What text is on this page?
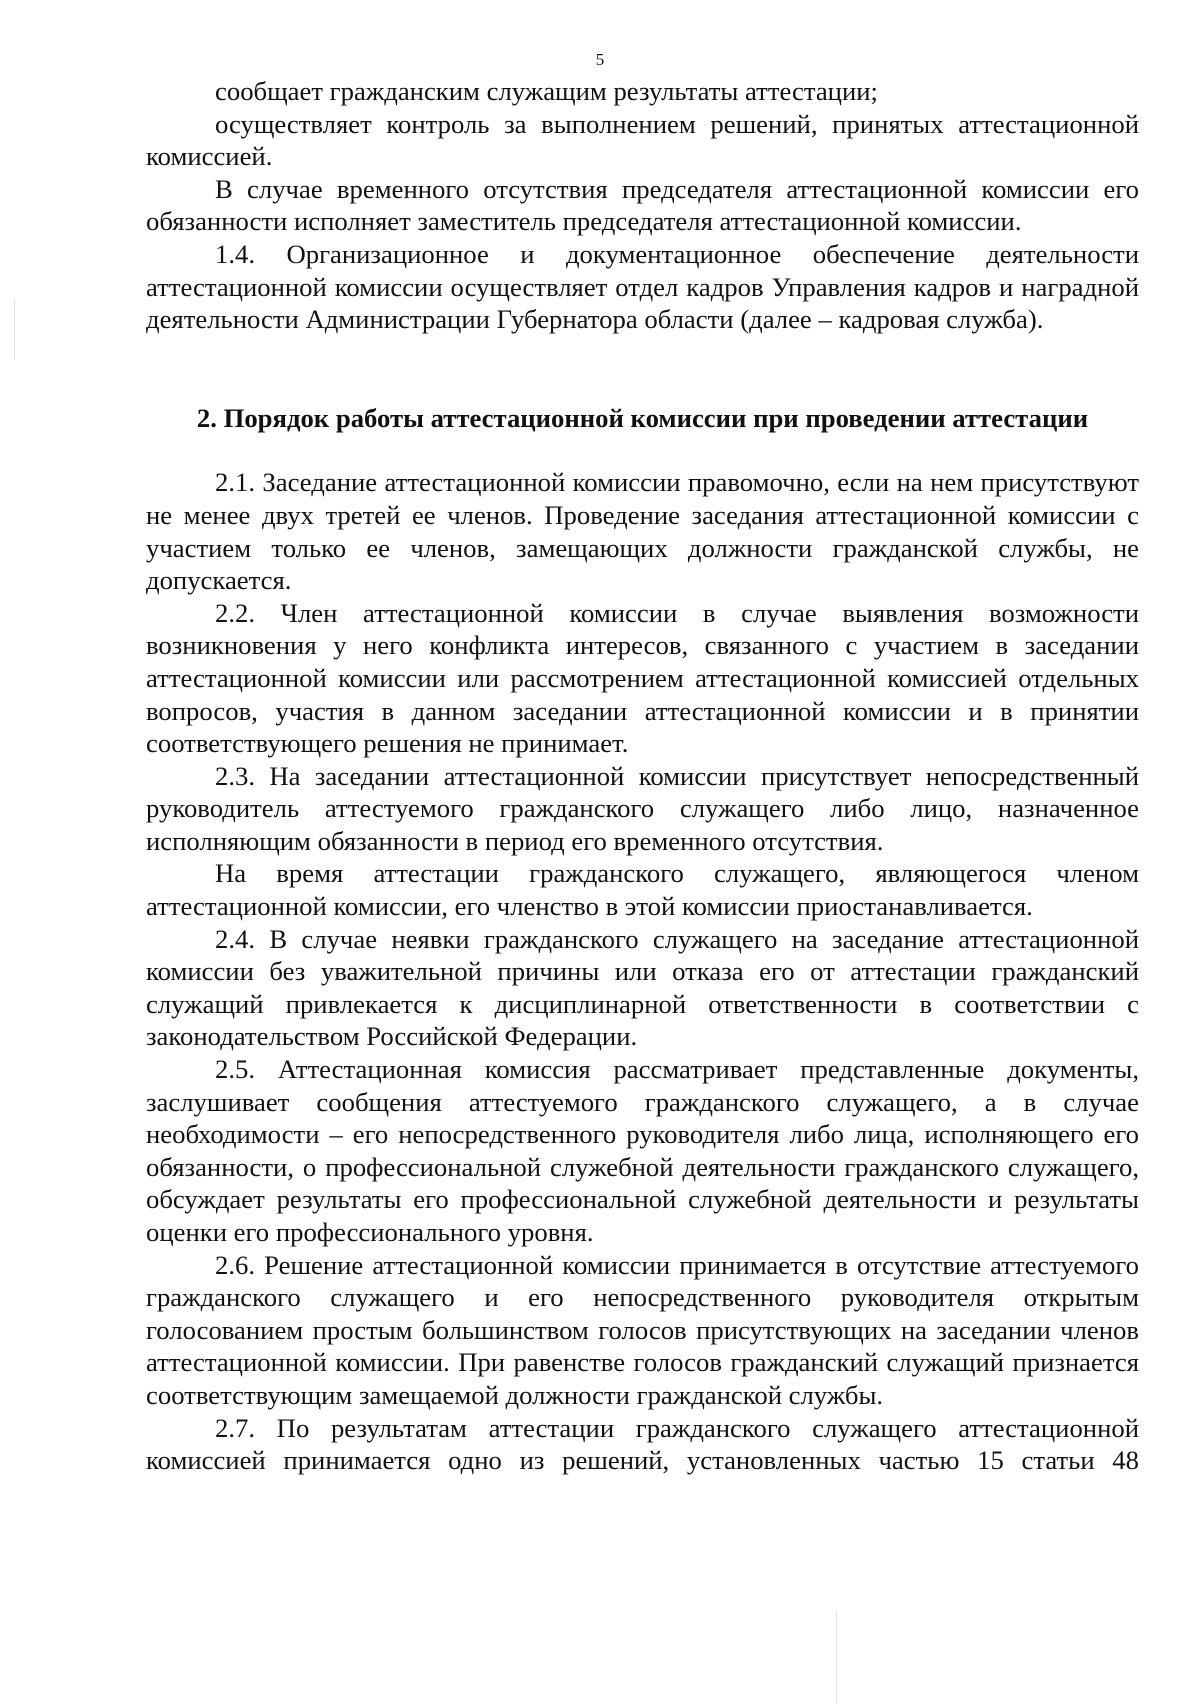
5

сообщает гражданским служащим результаты аттестации;

осуществляет контроль за выполнением решений, принятых аттестационной комиссией.

В случае временного отсутствия председателя аттестационной комиссии его обязанности исполняет заместитель председателя аттестационной комиссии.

1.4. Организационное и документационное обеспечение деятельности аттестационной комиссии осуществляет отдел кадров Управления кадров и наградной деятельности Администрации Губернатора области (далее – кадровая служба).

2. Порядок работы аттестационной комиссии при проведении аттестации

2.1. Заседание аттестационной комиссии правомочно, если на нем присутствуют не менее двух третей ее членов. Проведение заседания аттестационной комиссии с участием только ее членов, замещающих должности гражданской службы, не допускается.

2.2. Член аттестационной комиссии в случае выявления возможности возникновения у него конфликта интересов, связанного с участием в заседании аттестационной комиссии или рассмотрением аттестационной комиссией отдельных вопросов, участия в данном заседании аттестационной комиссии и в принятии соответствующего решения не принимает.

2.3. На заседании аттестационной комиссии присутствует непосредственный руководитель аттестуемого гражданского служащего либо лицо, назначенное исполняющим обязанности в период его временного отсутствия.

На время аттестации гражданского служащего, являющегося членом аттестационной комиссии, его членство в этой комиссии приостанавливается.

2.4. В случае неявки гражданского служащего на заседание аттестационной комиссии без уважительной причины или отказа его от аттестации гражданский служащий привлекается к дисциплинарной ответственности в соответствии с законодательством Российской Федерации.

2.5. Аттестационная комиссия рассматривает представленные документы, заслушивает сообщения аттестуемого гражданского служащего, а в случае необходимости – его непосредственного руководителя либо лица, исполняющего его обязанности, о профессиональной служебной деятельности гражданского служащего, обсуждает результаты его профессиональной служебной деятельности и результаты оценки его профессионального уровня.

2.6. Решение аттестационной комиссии принимается в отсутствие аттестуемого гражданского служащего и его непосредственного руководителя открытым голосованием простым большинством голосов присутствующих на заседании членов аттестационной комиссии. При равенстве голосов гражданский служащий признается соответствующим замещаемой должности гражданской службы.

2.7. По результатам аттестации гражданского служащего аттестационной комиссией принимается одно из решений, установленных частью 15 статьи 48
